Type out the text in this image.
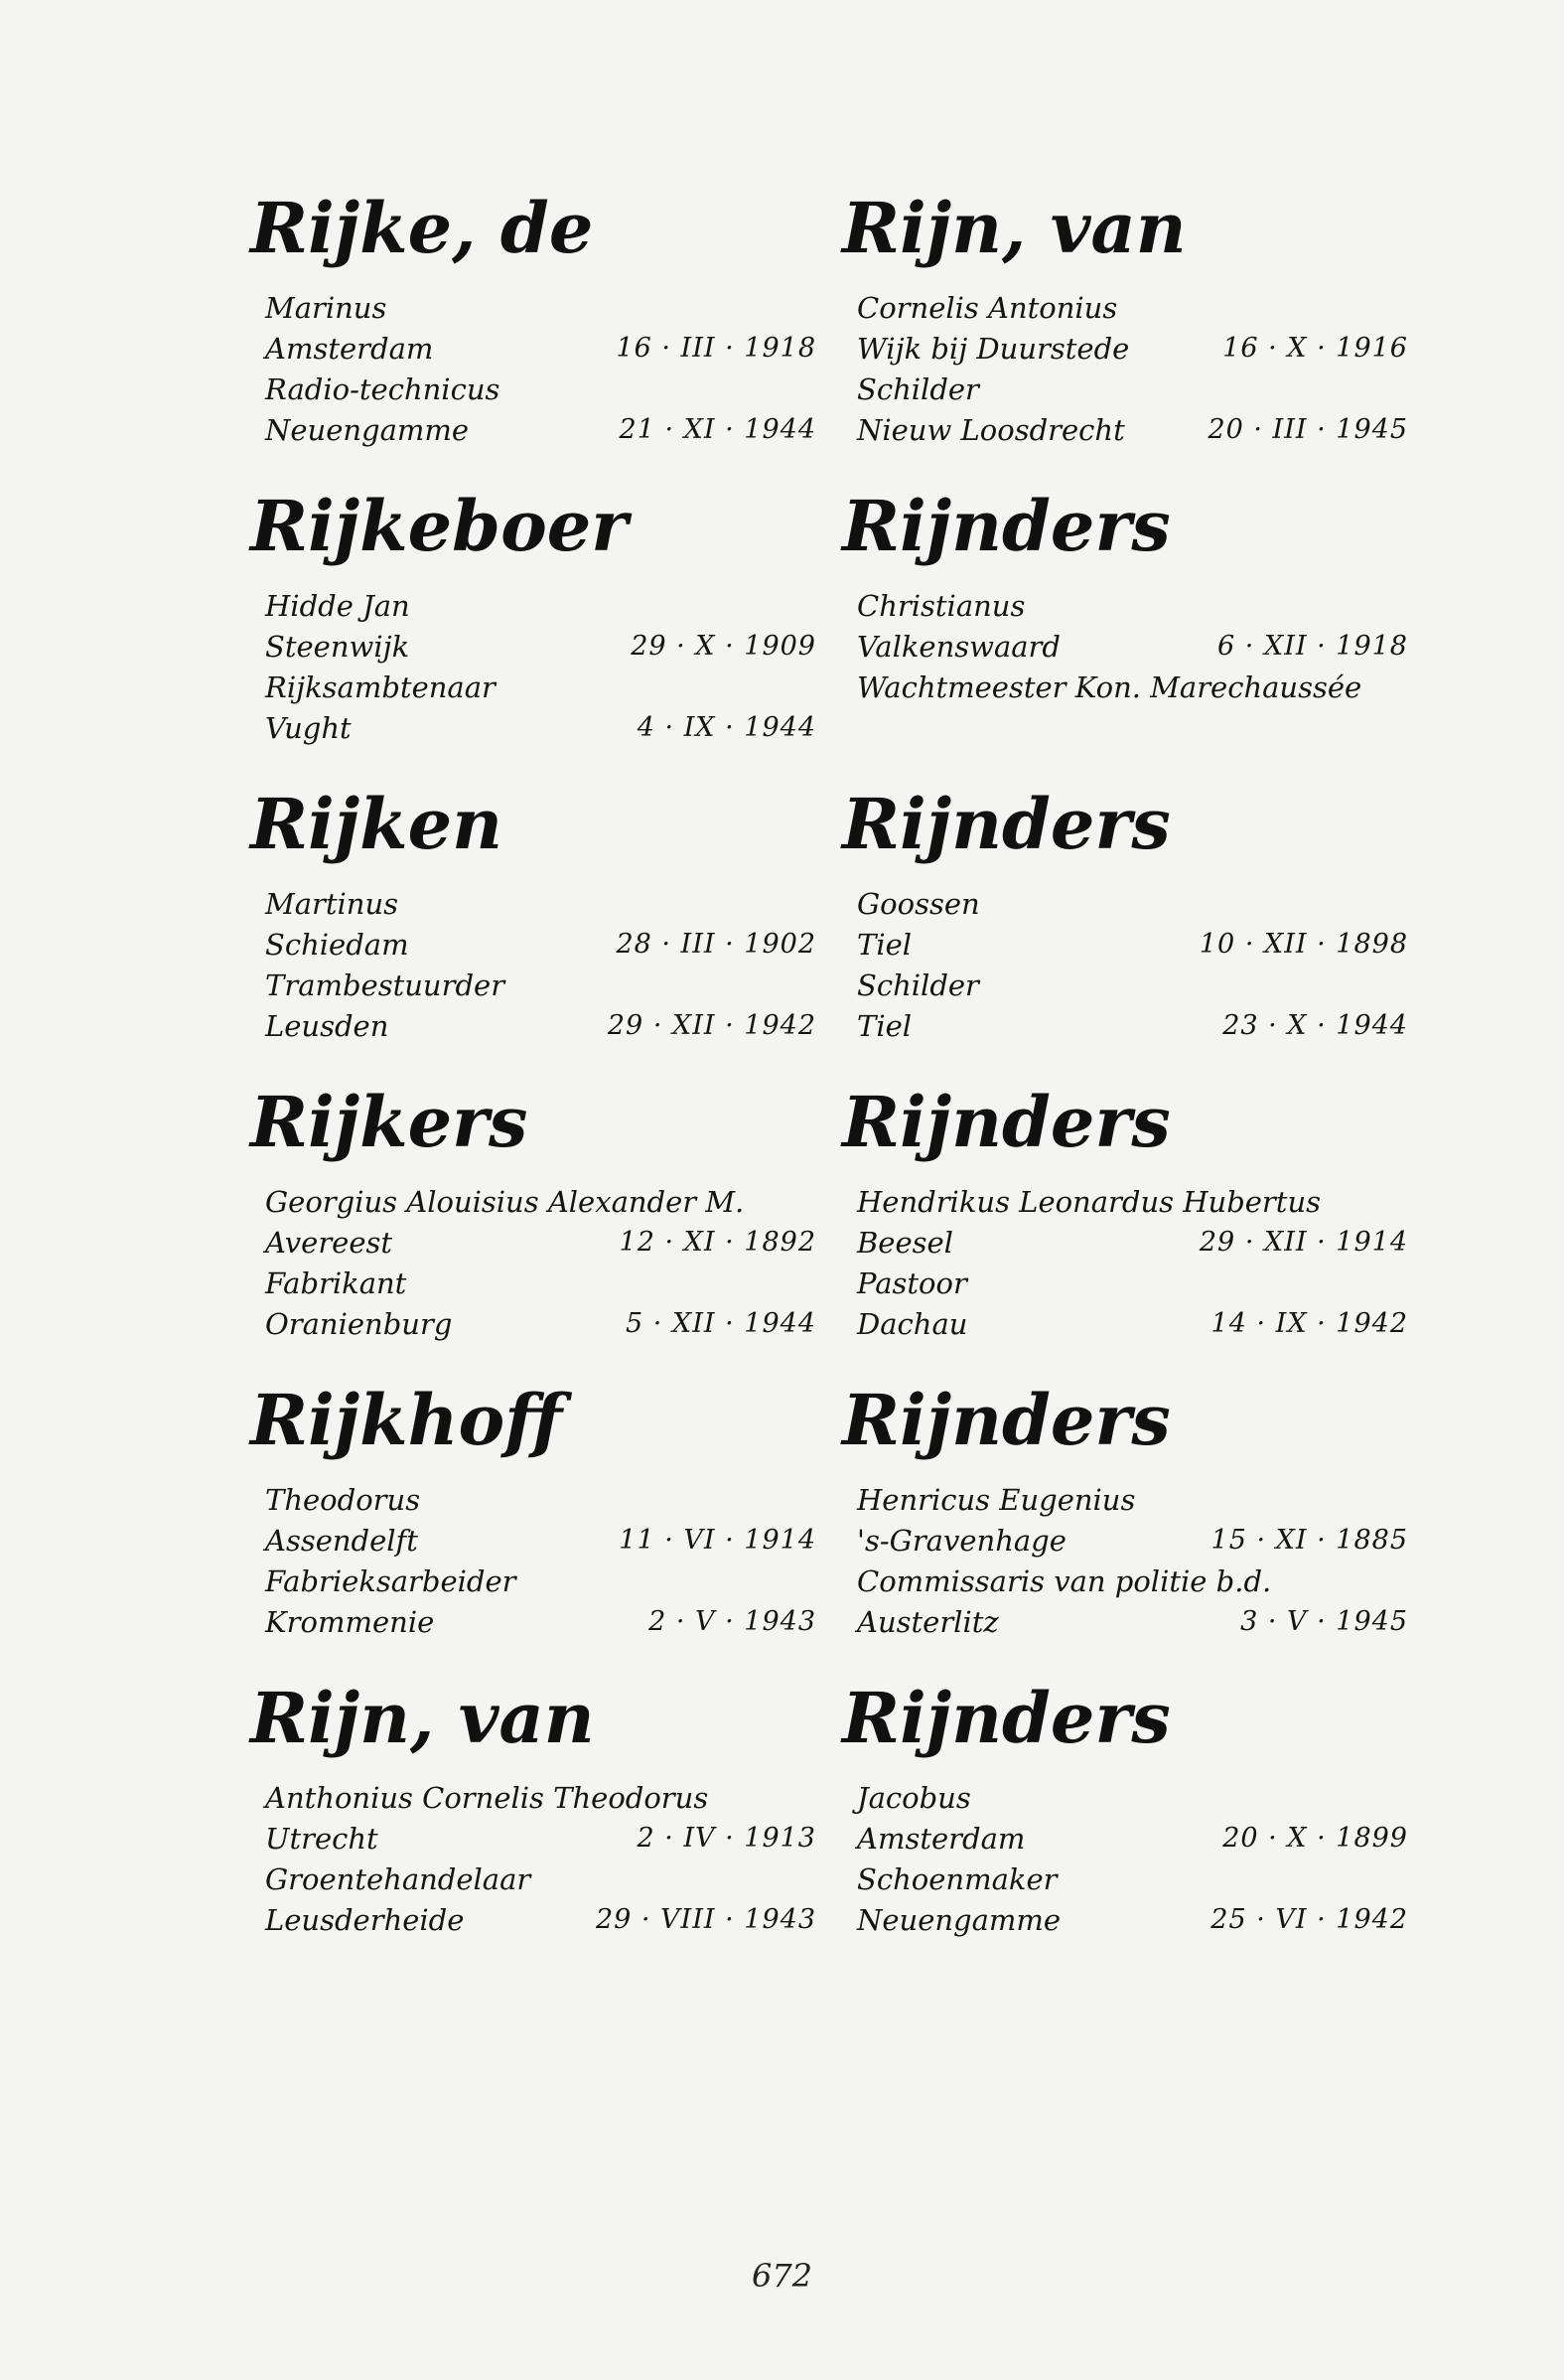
Rijke, de
Marinus
Amsterdam	16 · III · 1918
Radio-technicus
Neuengamme	21 · XI · 1944
Rijkeboer
Hidde Jan
Steenwijk	29 · X · 1909
Rijksambtenaar
Vught	4 · IX · 1944
Rijken
Martinus
Schiedam	28 · III · 1902
Trambestuurder
Leusden	29 · XII · 1942
Rijkers
Georgius Alouisius Alexander M.
Avereest	12 · XI · 1892
Fabrikant
Oranienburg	5 · XII · 1944
Rijkhoff
Theodorus
Assendelft	11 · VI · 1914
Fabrieksarbeider
Krommenie	2 · V · 1943
Rijn, van
Anthonius Cornelis Theodorus
Utrecht	2 · IV · 1913
Groentehandelaar
Leusderheide	29 · VIII · 1943
Rijn, van
Cornelis Antonius
Wijk bij Duurstede	16 · X · 1916
Schilder
Nieuw Loosdrecht	20 · III · 1945
Rijnders
Christianus
Valkenswaard	6 · XII · 1918
Wachtmeester Kon. Marechaussée
Rijnders
Goossen
Tiel	10 · XII · 1898
Schilder
Tiel	23 · X · 1944
Rijnders
Hendrikus Leonardus Hubertus
Beesel	29 · XII · 1914
Pastoor
Dachau	14 · IX · 1942
Rijnders
Henricus Eugenius
's-Gravenhage	15 · XI · 1885
Commissaris van politie b.d.
Austerlitz	3 · V · 1945
Rijnders
Jacobus
Amsterdam	20 · X · 1899
Schoenmaker
Neuengamme	25 · VI · 1942
672
